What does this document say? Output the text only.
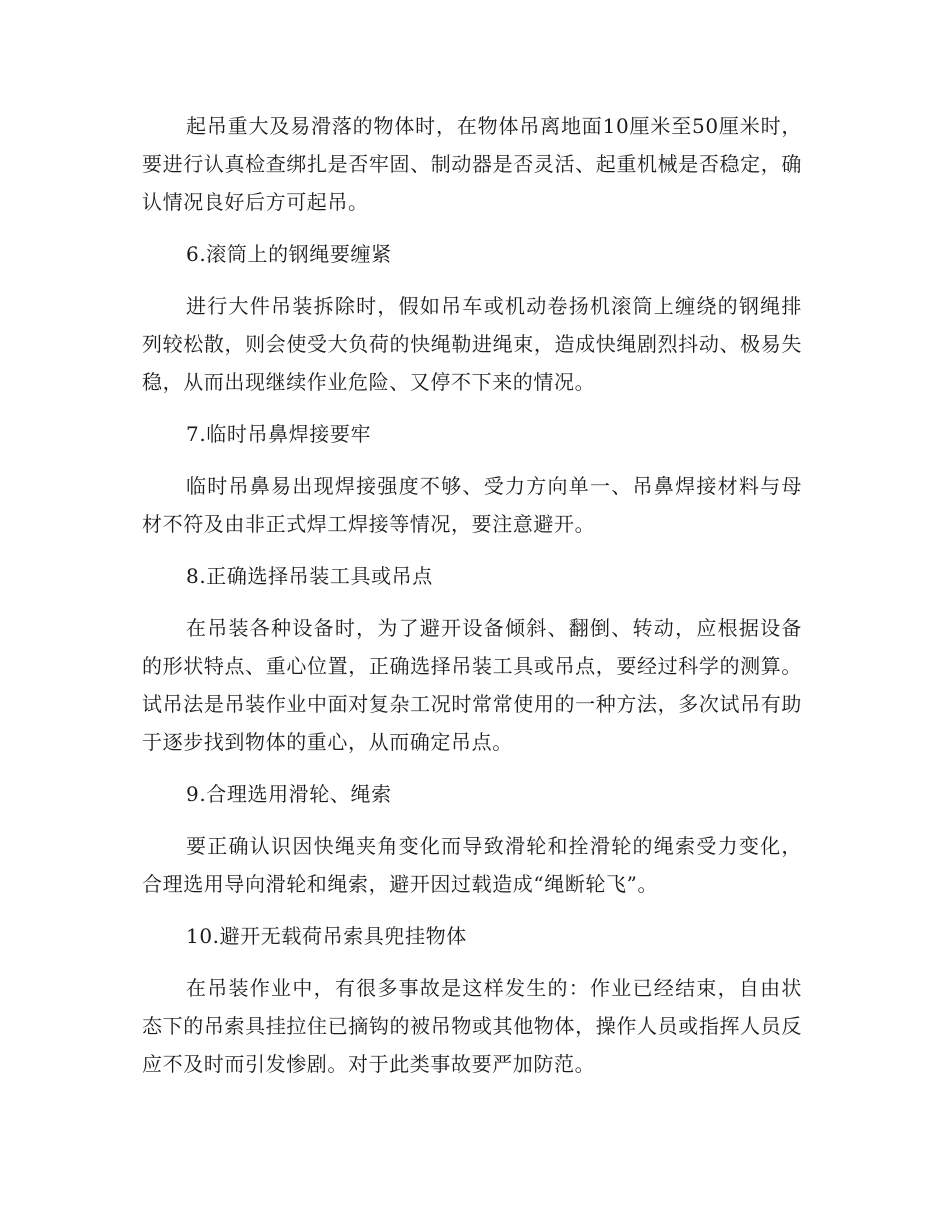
起吊重大及易滑落的物体时，在物体吊离地面10厘米至50厘米时，要进行认真检查绑扎是否牢固、制动器是否灵活、起重机械是否稳定，确认情况良好后方可起吊。

6.滚筒上的钢绳要缠紧

进行大件吊装拆除时，假如吊车或机动卷扬机滚筒上缠绕的钢绳排列较松散，则会使受大负荷的快绳勒进绳束，造成快绳剧烈抖动、极易失稳，从而出现继续作业危险、又停不下来的情况。

7.临时吊鼻焊接要牢

临时吊鼻易出现焊接强度不够、受力方向单一、吊鼻焊接材料与母材不符及由非正式焊工焊接等情况，要注意避开。

8.正确选择吊装工具或吊点

在吊装各种设备时，为了避开设备倾斜、翻倒、转动，应根据设备的形状特点、重心位置，正确选择吊装工具或吊点，要经过科学的测算。试吊法是吊装作业中面对复杂工况时常常使用的一种方法，多次试吊有助于逐步找到物体的重心，从而确定吊点。

9.合理选用滑轮、绳索

要正确认识因快绳夹角变化而导致滑轮和拴滑轮的绳索受力变化，合理选用导向滑轮和绳索，避开因过载造成“绳断轮飞”。

10.避开无载荷吊索具兜挂物体

在吊装作业中，有很多事故是这样发生的：作业已经结束，自由状态下的吊索具挂拉住已摘钩的被吊物或其他物体，操作人员或指挥人员反应不及时而引发惨剧。对于此类事故要严加防范。
